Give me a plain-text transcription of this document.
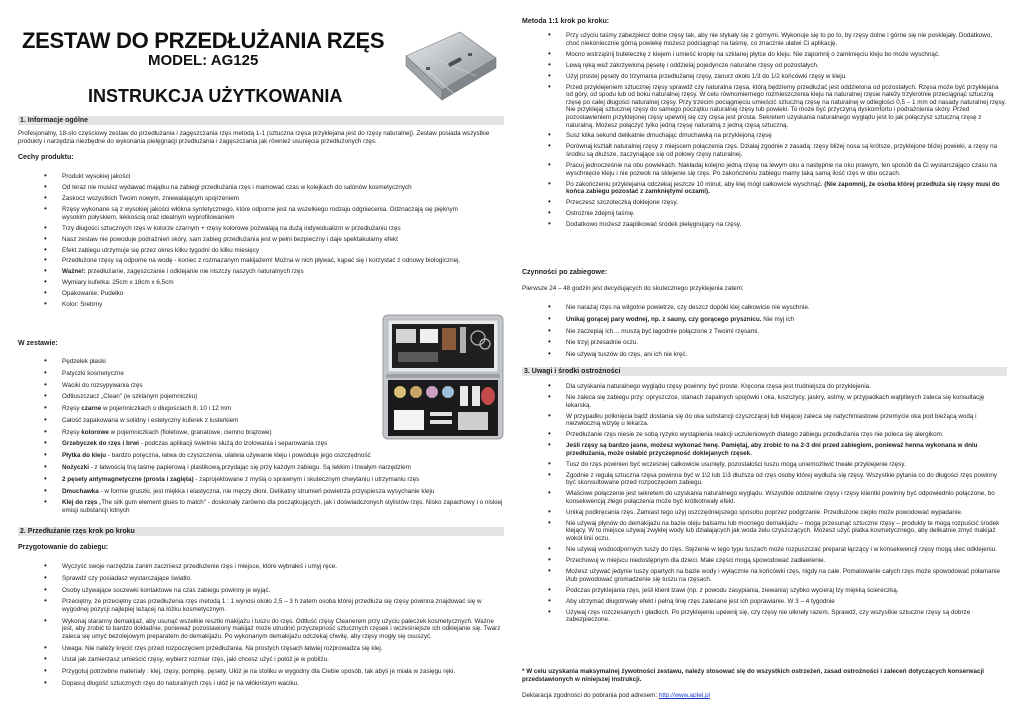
ZESTAW DO PRZEDŁUŻANIA RZĘS
MODEL: AG125
INSTRUKCJA UŻYTKOWANIA
1. Informacje ogólne
Profesjonalny, 18-sto częściowy zestaw do przedłużania i zagęszczania rzęs metodą 1-1 (sztuczna rzęsa przyklejana jest do rzęsy naturalnej). Zestaw posiada wszystkie produkty i narzędzia niezbędne do wykonania pielęgnacji przedłużania i zagęszczania jak również usunięcia przedłużonych rzęs.
Cechy produktu:
• Produkt wysokiej jakości
• Od teraz nie musisz wydawać majątku na zabiegi przedłużania rzęs i mamować czas w kolejkach do salonów kosmetycznych
• Zaskocz wszystkich Twoim nowym, zniewalającym spojrzeniem
• Rzęsy wykonane są z wysokiej jakości włókna syntetycznego, które odporne jest na wszelkiego rodzaju odgniecenia. Odznaczają się pięknym wysokim połyskiem, lekkością oraz idealnym wyprofilowaniem
• Trzy długości sztucznych rzęs w kolorze czarnym + rzęsy kolorowe pozwalają na dużą indywidualizm w przedłużaniu rzęs
• Nasz zestaw nie powoduje podrażnień skóry, sam zabieg przedłużania jest w pełni bezpieczny i daje spektakularny efekt
• Efekt zabiegu utrzymuje się przez okres kilku tygodni do kilku miesięcy
• Przedłużone rzęsy są odporne na wodę - koniec z rozmazanym makijażem! Można w nich pływać, kąpać się i korzystać z odnowy biologicznej.
• Ważne!: przedłużanie, zagęszczanie i odklejanie nie niszczy naszych naturalnych rzęs
• Wymiary kuferka: 25cm x 18cm x 6,5cm
• Opakowanie: Pudełko
• Kolor: Srebrny
W zestawie:
• Pędzelek płaski
• Patyczki kosmetyczne
• Waciki do rozsypywania rzęs
• Odtłuszczacz „Clean" (w szklanym pojemniczku)
• Rzęsy czarne w pojemniczkach o długościach 8, 10 i 12 mm
• Całość zapakowana w solidny i estetyczny kuferek z lusterkiem
• Rzęsy kolorowe w pojemniczkach (fioletowe, granatowe, ciemno brązowe)
• Grzebyczek do rzęs i brwi - podczas aplikacji świetnie służą do izolowania i separowania rzęs
• Płytka do kleju - bardzo poręczna, łatwa do czyszczenia, ułatwia używanie kleju i powoduje jego oszczędność
• Nożyczki - z łatwością tną taśmę papierową i plastikową,przydając się przy każdym zabiegu. Są lekkim i trwałym narzędziem
• 2 pęsety antymagnetyczne (prosta i zagięta) - zaprojektowane z myślą o sprawnym i skutecznym chwytaniu i utrzymaniu rzęs
• Dmuchawka - w formie gruszki, jest miękka i elastyczna, nie męczy dłoni. Delikatny strumień powietrza przyspiesza wysychanie kleju
• Klej do rzęs „The silk gum element glues to match" - doskonały zarówno dla początkujących, jak i doświadczonych stylistów rzęs. Nisko zapachowy i o niskiej emisji substancji lotnych
2. Przedłużanie rzęs krok po kroku
Przygotowanie do zabiegu:
• Wyczyść swoje narzędzia zanim zaczniesz przedłużenie rzęs i miejsce, które wybrałeś i umyj ręce.
• Sprawdź czy posiadasz wystarczające światło.
• Osoby używające soczewki kontaktowe na czas zabiegu powinny je wyjąć.
• Przeciętny, że przeciętny czas przedłużenia rzęs metodą 1 : 1 wynosi około 2,5 – 3 h zatem osoba której przedłuża się rzęsy powinna znajdować się w wygodnej pozycji najlepiej leżącej na łóżku kosmetycznym.
• Wykonaj staranny demakijaż, aby usunąć wszelkie resztki makijażu i tuszu do rzęs. Odtłuść rzęsy Cleanerem przy użyciu pałeczek kosmetycznych. Ważne jest, aby zrobić to bardzo dokładnie, ponieważ pozostawiony makijaż może utrudnić przyczepność sztucznych rzęsek i wcześniejsze ich odklejanie się. Twarz zaleca się umyć bezolejowym preparatem do demakijażu. Po wykonanym demakijażu odczekaj chwilę, aby rzęsy mogły się osuszyć.
• Uwaga: Nie należy kręcić rzęs przed rozpoczęciem przedłużania. Na prostych rzęsach łatwiej rozprowadza się klej.
• Ustal jak zamierzasz umieścić rzęsy, wybierz rozmiar rzęs, jaki chcesz użyć i połóż je w pobliżu.
• Przygotuj potrzebne materiały : klej, rzęsy, pompkę, pęsety. Ułóż je na stoliku w wygodny dla Ciebie sposób, tak abyś je miała w zasięgu ręki.
• Dopasuj długość sztucznych rzęs do naturalnych rzęs i ułóż je na włóknistym waciku.
Metoda 1:1 krok po kroku:
• Przy użyciu taśmy zabezpiecz dolne rzęsy tak, aby nie stykały się z górnymi. Wykonuje się to po to, by rzęsy dolne i górne się nie posklejały. Dodatkowo, choć niekoniecznie górną powiekę możesz podciągnąć na taśmę, co znacznie ułatwi Ci aplikację.
• Mocno wstrząśnij buteleczkę z klejem i umieść kroplę na szklanej płytce do kleju. Nie zapomnij o zamknięciu kleju bo może wyschnąć.
• Lewą ręką weź zakrzywioną pęsetę i oddzielaj pojedyncze naturalne rzęsy od pozostałych.
• Użyj prostej pęsety do trzymania przedłużanej rzęsy, zanurz około 1/3 do 1/2 końcówki rzęsy w kleju.
• Przed przyklejeniem sztucznej rzęsy sprawdź czy naturalna rzęsa, którą będziemy przedłużać jest oddzielona od pozostałych. Rzęsa może być przyklejana od góry, od spodu lub od boku naturalnej rzęsy. W celu równomiernego rozmieszczenia kleju na naturalnej rzęsie należy trzykrotnie przeciągnąć sztuczną rzęsę po całej długości naturalnej rzęsy. Przy trzecim pociągnięciu umieścić sztuczną rzęsę na naturalnej w odległości 0,5 – 1 mm od nasady naturalnej rzęsy. Nie przyklejaj sztucznej rzęsy do samego początku naturalnej rzęsy lub powieki. To może być przyczyną dyskomfortu i podrażnienia skóry. Przed pozostawieniem przyklejonej rzęsy upewnij się czy rzęsa jest prosta. Sekretem uzyskania naturalnego wyglądu jest to jak połączysz sztuczną rzęsę z naturalną. Możesz połączyć tylko jedną rzęsę naturalną z jedną rzęsą sztuczną.
• Susz kilka sekund delikatnie dmuchając dmuchawką na przyklejoną rzęsę
• Porównaj kształt naturalnej rzęsy z miejscem połączenia rzęs. Działaj zgodnie z zasadą: rzęsy bliżej nosa są krótsze, przyklejone bliżej powieki, a rzęsy na środku są dłuższe, zaczynające się od połowy rzęsy naturalnej.
• Pracuj jednocześnie na obu powiekach. Nakładaj kolejno jedną rzęsę na lewym oku a następnie na oku prawym, ten sposób da Ci wystarczająco czasu na wyschnięcie kleju i nie pozwoli na sklejenie się rzęs. Po zakończeniu zabiegu mamy taką samą ilość rzęs w obu oczach.
• Po zakończeniu przyklejania odczekaj jeszcze 10 minut, aby klej mógł całkowicie wyschnąć. (Nie zapomnij, że osoba której przedłuża się rzęsy musi do końca zabiegu pozostać z zamkniętymi oczami).
• Przeczesz szczoteczką doklejone rzęsy.
• Ostrożnie zdejmij taśmę.
• Dodatkowo możesz zaaplikować środek pielęgnujący na rzęsy.
Czynności po zabiegowe:
Pierwsze 24 – 48 godzin jest decydujących do skutecznego przyklejenia zatem:
• Nie narażaj rzęs na wilgotne powietrze, czy deszcz dopóki klej całkowicie nie wyschnie.
• Unikaj gorącej pary wodnej, np. z sauny, czy gorącego prysznicu. Nie myj ich
• Nie zaczepiaj ich… muszą być łagodnie połączone z Twoimi rzęsami.
• Nie trzyj przesadnie oczu.
• Nie używaj tuszów do rzęs, ani ich nie kręć.
3. Uwagi i środki ostrożności
• Dla uzyskania naturalnego wyglądu rzęsy powinny być proste. Kręcona rzęsa jest trudniejsza do przyklejenia.
• Nie zaleca się zabiegu przy: opryszczce, stanach zapalnych spojówki i oka, łuszczycy, jaskry, astmy, w przypadkach wątpliwych zaleca się konsultację lekarską.
• W przypadku polknięcia bądź dostania się do oka substancji czyszczącej lub klejącej zaleca się natychmiastowe przemycie oka pod bieżącą wodą i niezwłoczną wizytę u lekarza.
• Przedłużanie rzęs niesie ze sobą ryzyko wystąpienia reakcji uczuleniowych dlatego zabiegu przedłużania rzęs nie poleca się alergikom.
• Jeśli rzęsy są bardzo jasne, możesz wykonać henę. Pamiętaj, aby zrobić to na 2-3 dni przed zabiegiem, ponieważ henna wykonana w dniu przedłużania, może osłabić przyczepność doklejanych rzęsek.
• Tusz do rzęs powinien być wcześniej całkowicie usunięty, pozostałości tuszu mogą uniemożliwić trwałe przyklejenie rzęsy.
• Zgodnie z regułą sztuczna rzęsa powinna być w 1\2 lub 1\3 dłuższa od rzęs osoby której wydłuża się rzęsy. Wszystkie pytania co do długości rzęs powinny być skonsultowane przed rozpoczęciem zabiegu.
• Właściwe połączenie jest sekretem do uzyskania naturalnego wyglądu. Wszystkie oddzielne rzęsy i rzęsy klientki powinny być odpowiednio połączone, bo konsekwencją złego połączenia może być krótkotrwały efekt.
• Unikaj podkręcania rzęs. Zamiast tego użyj oszczędniejszego sposobu poprzez podgrzanie. Przedłużone ciepło może powodować wypadanie.
• Nie używaj płynów do demakijażu na bazie oleju balsamu lub mocnego demakijażu – mogą przesunąć sztuczne rzęsy – produkty te mogą rozpuścić środek klejący. W to miejsce używaj zwykłej wody lub działających jak woda żelu czyszczących. Możesz użyć płatka kosmetycznego, aby delikatnie zmyć makijaż wokół linii oczu.
• Nie używaj wodoodpornych tuszy do rzęs. Stężenie w tego typu tuszach może rozpuszczać preparat łączący i w konsekwencji rzęsy mogą ulec odklejeniu.
• Przechowuj w miejscu niedostępnym dla dzieci. Małe części mogą spowodować zadławienie.
• Możesz używać jedynie tuszy opartych na bazie wody i wyłącznie na końcówki rzęs, nigdy na całe. Pomalowanie całych rzęs może spowodować połamanie i/lub powodować gromadzenie się tuszu na rzęsach.
• Podczas przyklejania rzęs, jeśli klient łzawi (np. z powodu zasypiania, ziewania) szybko wycieraj łzy miękką ściereczką.
• Aby utrzymać długotrwały efekt i pełną linię rzęs zalecane jest ich poprawianie. W 3 – 4 tygodnie
• Używaj rzęs rozczesanych i gładkich. Po przyklejeniu upewnij się, czy rzęsy nie ułkneły razem. Sprawdź, czy wszystkie sztuczne rzęsy są dobrze zabezpieczone.
* W celu uzyskania maksymalnej żywotności zestawu, należy stosować się do wszystkich ostrzeżeń, zasad ostrożności i zaleceń dotyczących konserwacji przedstawionych w niniejszej instrukcji.
Deklaracja zgodności do pobrania pod adresem: http://www.aptel.pl
